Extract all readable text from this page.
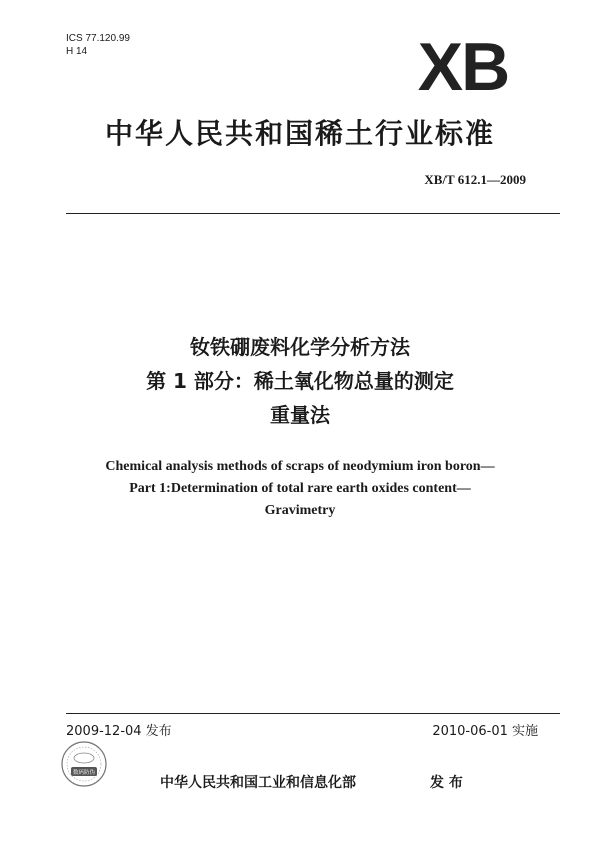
ICS 77.120.99
H 14	XB
中华人民共和国稀土行业标准
XB/T 612.1—2009
钕铁硼废料化学分析方法
第 1 部分：稀土氧化物总量的测定
重量法
Chemical analysis methods of scraps of neodymium iron boron—
Part 1:Determination of total rare earth oxides content—
Gravimetry
2009-12-04 发布	2010-06-01 实施
数码防伪
中华人民共和国工业和信息化部	发 布
